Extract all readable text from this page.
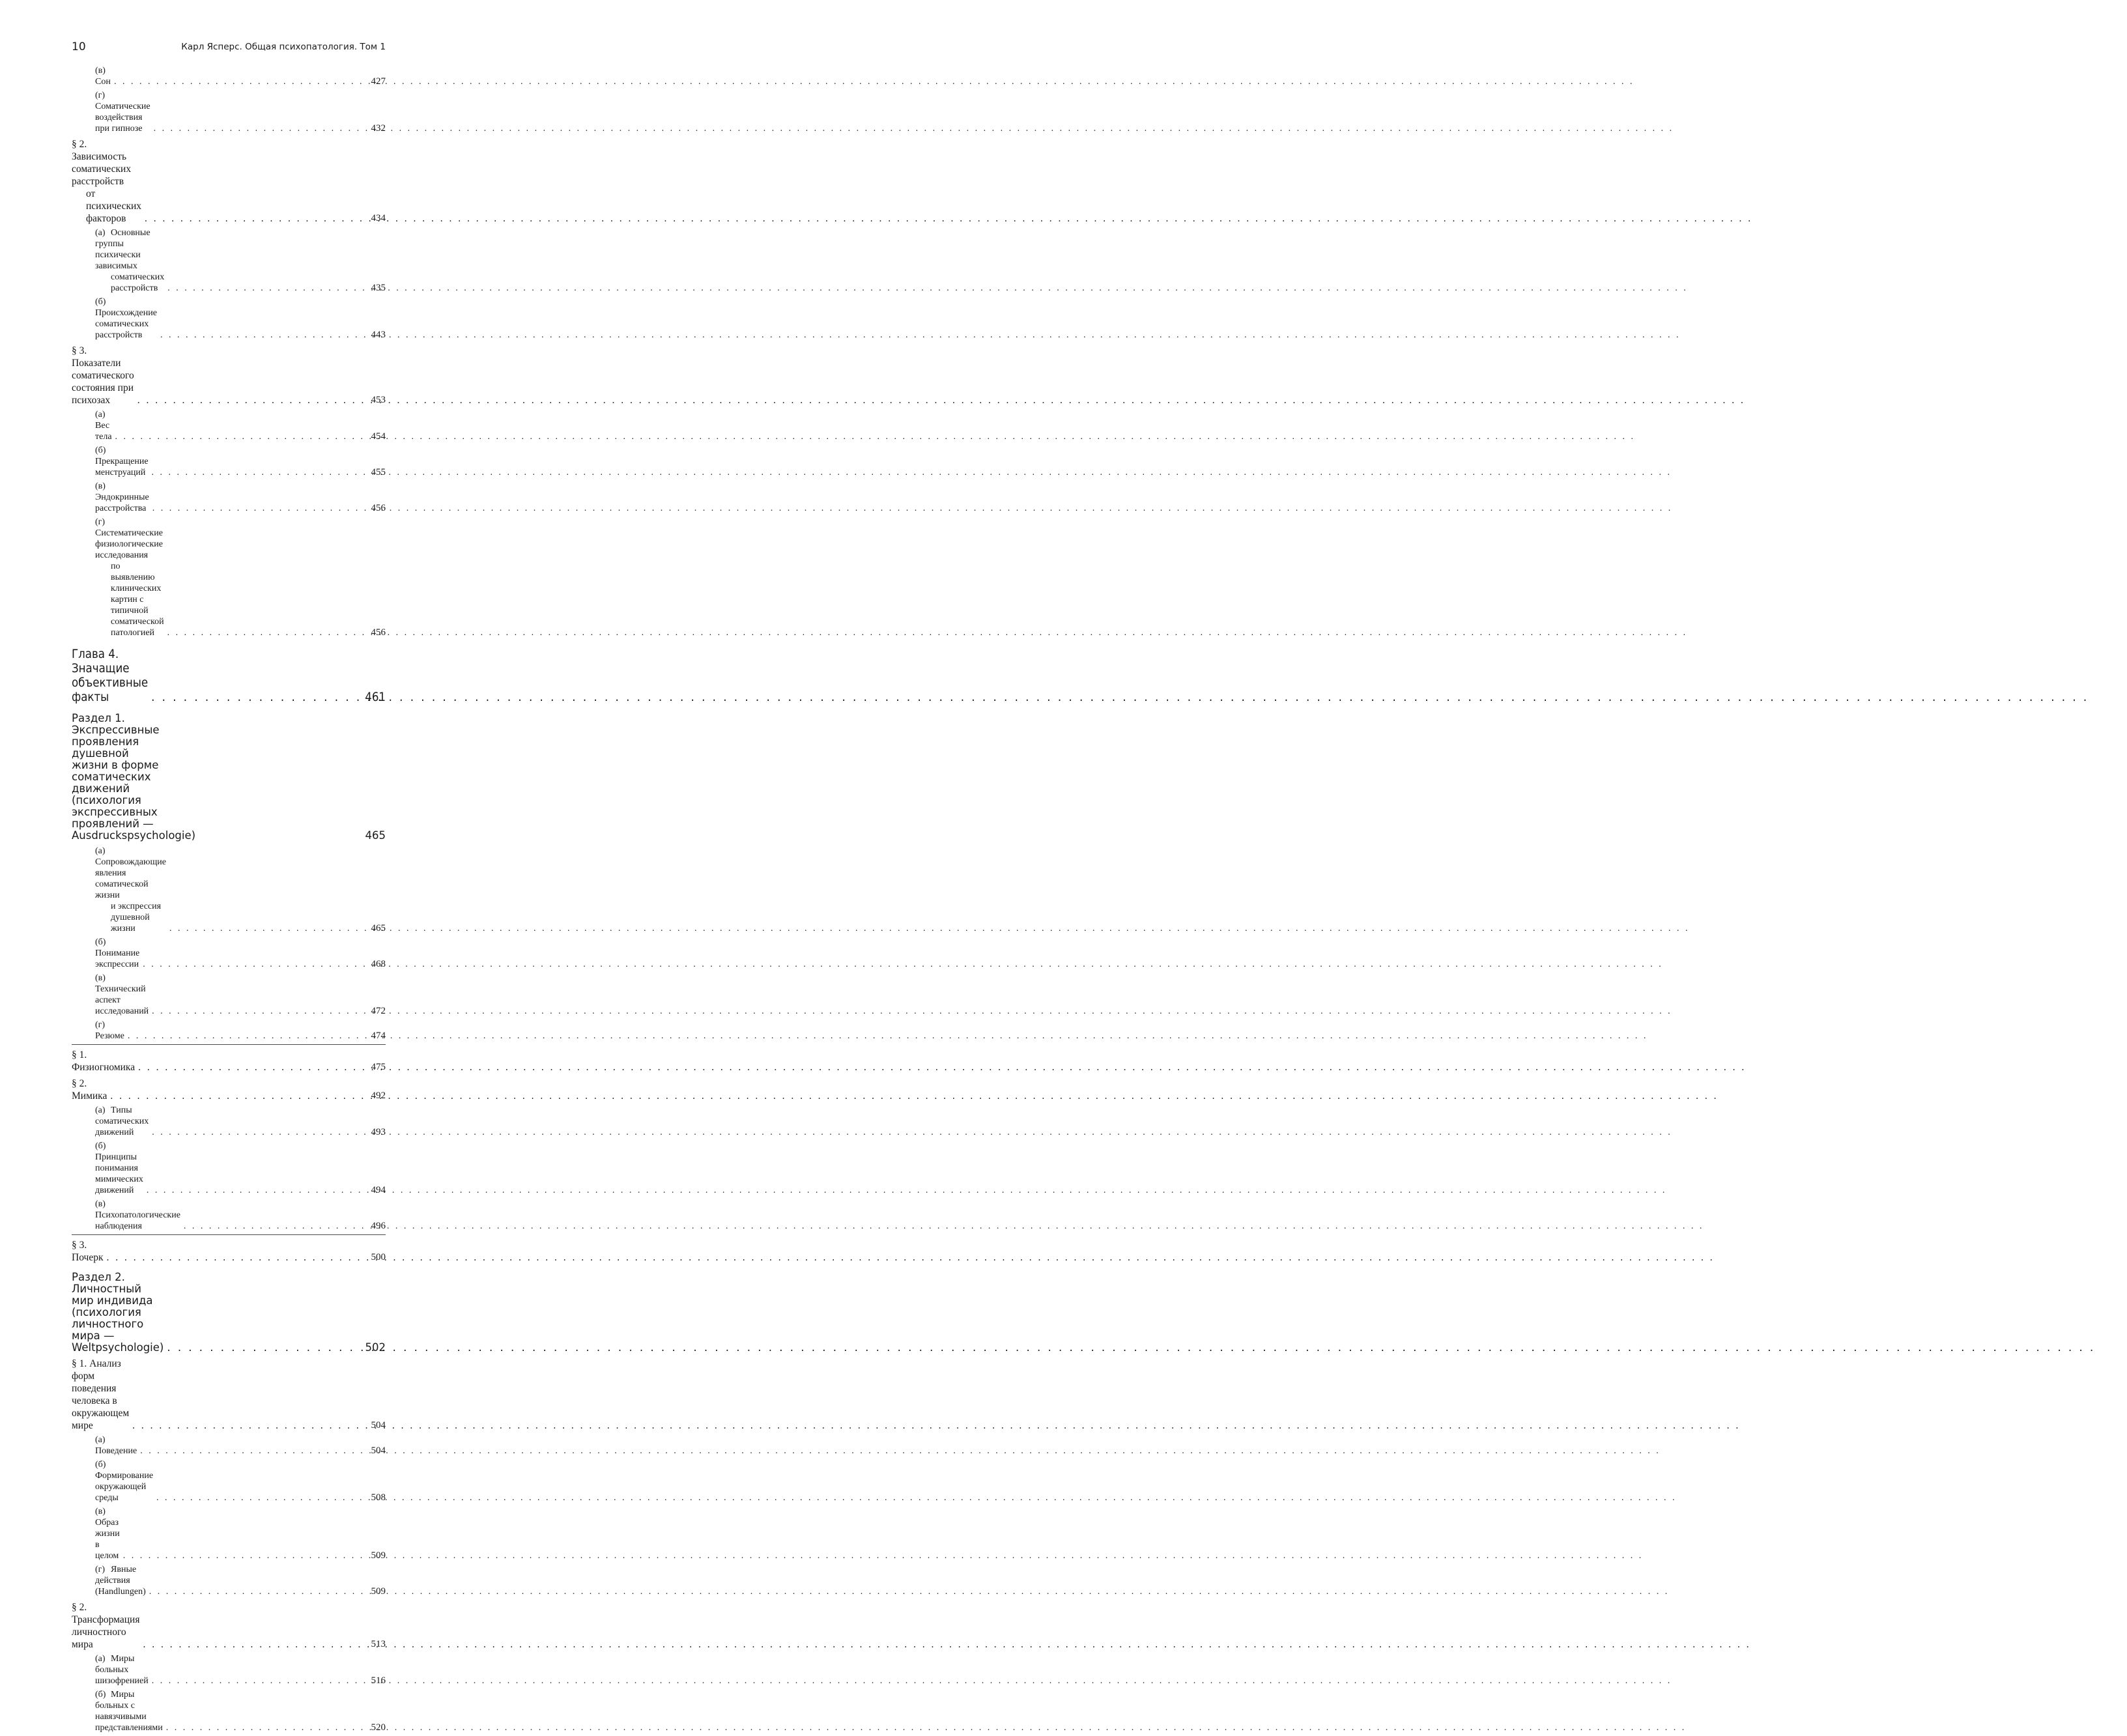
10	Карл Ясперс. Общая психопатология. Том 1
(в)Сон . . .	427
(г)Соматические воздействия при гипнозе . . .	432
§ 2. Зависимость соматических расстройств
от психических факторов . . .	434
(а) Основные группы психически зависимых
соматических расстройств . . .	435
(б)Происхождение соматических расстройств . . .	443
§ 3. Показатели соматического состояния при психозах . . .	453
(а)Вес тела . . .	454
(б)Прекращение менструаций . . .	455
(в)Эндокринные расстройства . . .	456
(г)Систематические физиологические исследования
по выявлению клинических картин с типичной
соматической патологией . . .	456
Глава 4. Значащие объективные факты . . .	461
Раздел 1. Экспрессивные проявления душевной
жизни в форме соматических движений
(психология экспрессивных проявлений —
Ausdruckspsychologie)	465
(а)Сопровождающие явления соматической жизни
и экспрессия душевной жизни . . .	465
(б)Понимание экспрессии . . .	468
(в)Технический аспект исследований . . .	472
(г)Резюме . . .	474
§ 1. Физиогномика . . .	475
§ 2. Мимика . . .	492
(а) Типы соматических движений . . .	493
(б)Принципы понимания мимических движений . . .	494
(в)Психопатологические наблюдения . . .	496
§ 3. Почерк . . .	500
Раздел 2. Личностный мир индивида (психология
личностного мира — Weltpsychologie) . . .	502
§ 1. Анализ форм поведения человека в окружающем мире . . .	504
(а)Поведение . . .	504
(б)Формирование окружающей среды . . .	508
(в)Образ жизни в целом . . .	509
(г) Явные действия (Handlungen) . . .	509
§ 2. Трансформация личностного мира . . .	513
(а) Миры больных шизофренией . . .	516
(б) Миры больных с навязчивыми представлениями . . .	520
